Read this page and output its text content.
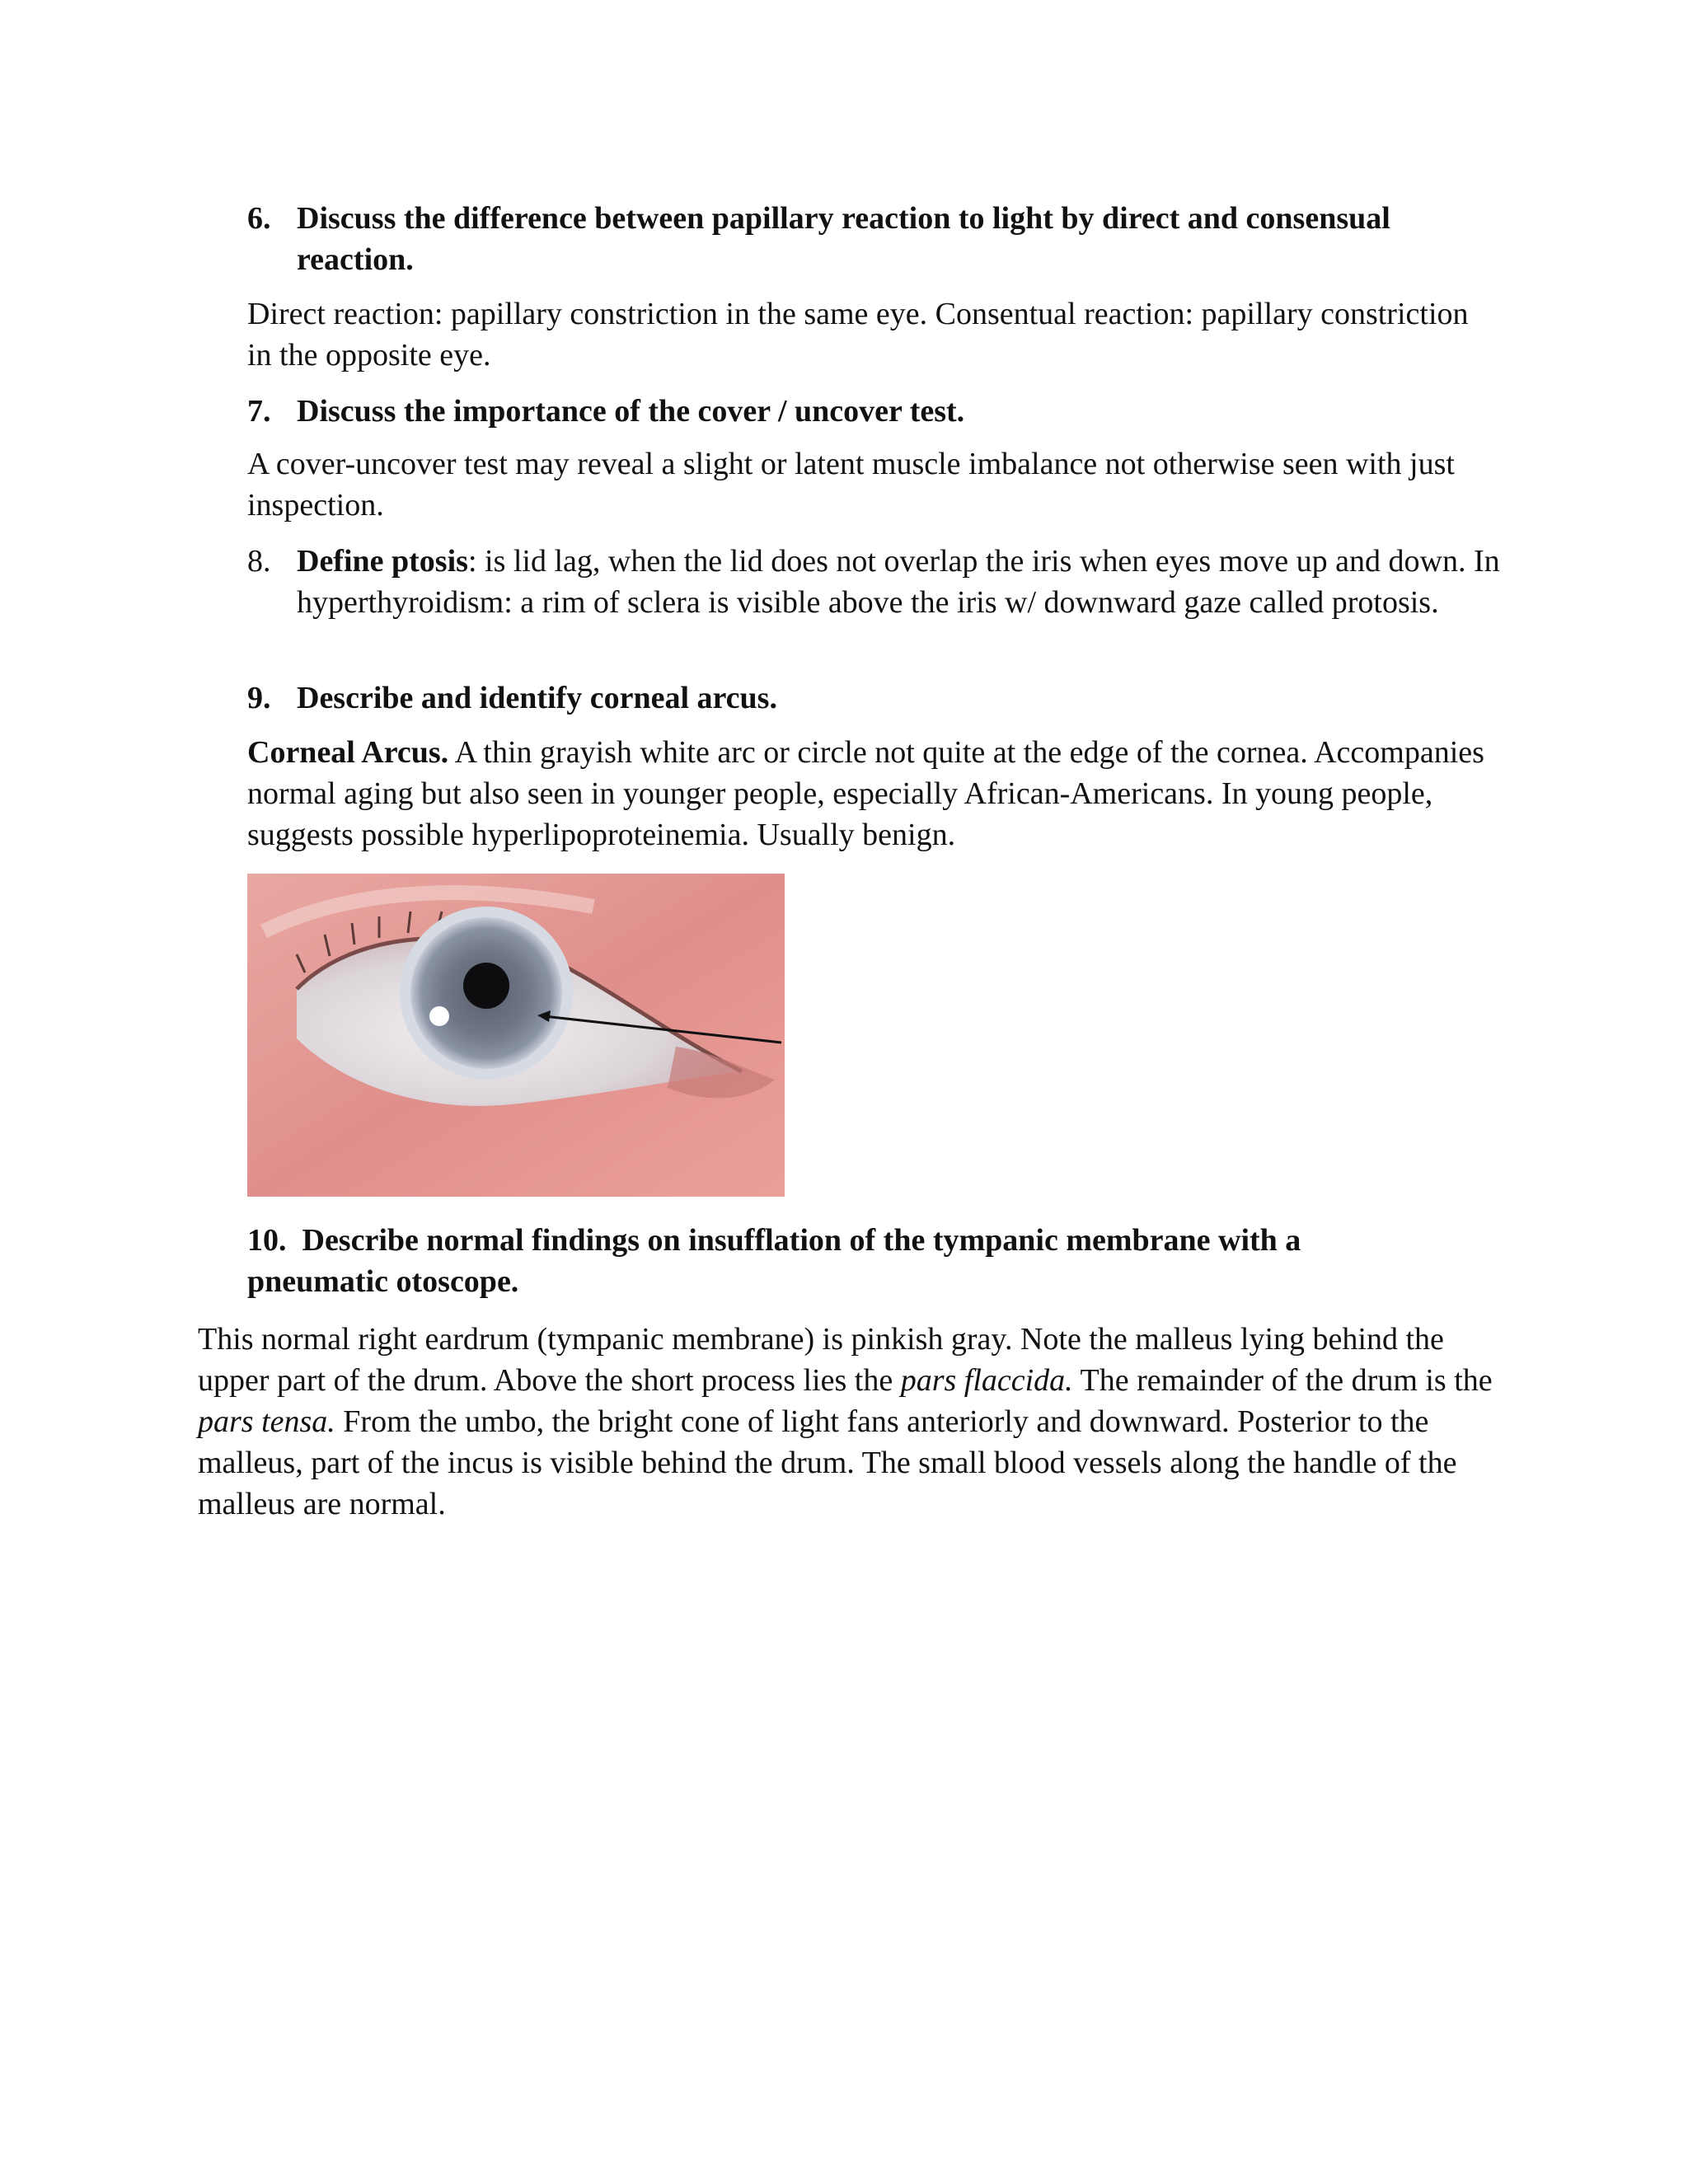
6. Discuss the difference between papillary reaction to light by direct and consensual reaction.
Direct reaction: papillary constriction in the same eye. Consentual reaction: papillary constriction in the opposite eye.
7. Discuss the importance of the cover / uncover test.
A cover-uncover test may reveal a slight or latent muscle imbalance not otherwise seen with just inspection.
8. Define ptosis: is lid lag, when the lid does not overlap the iris when eyes move up and down. In hyperthyroidism: a rim of sclera is visible above the iris w/ downward gaze called protosis.
9. Describe and identify corneal arcus.
Corneal Arcus. A thin grayish white arc or circle not quite at the edge of the cornea. Accompanies normal aging but also seen in younger people, especially African-Americans. In young people, suggests possible hyperlipoproteinemia. Usually benign.
10. Describe normal findings on insufflation of the tympanic membrane with a pneumatic otoscope.
This normal right eardrum (tympanic membrane) is pinkish gray. Note the malleus lying behind the upper part of the drum. Above the short process lies the pars flaccida. The remainder of the drum is the pars tensa. From the umbo, the bright cone of light fans anteriorly and downward. Posterior to the malleus, part of the incus is visible behind the drum. The small blood vessels along the handle of the malleus are normal.
